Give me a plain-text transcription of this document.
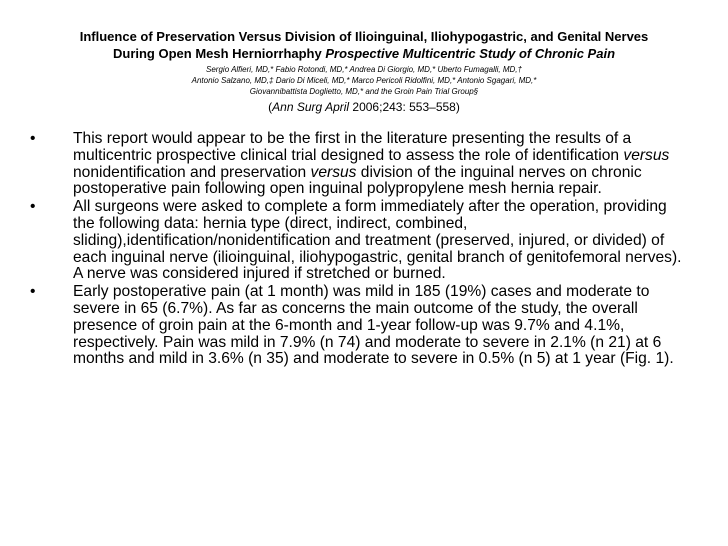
Influence of Preservation Versus Division of Ilioinguinal, Iliohypogastric, and Genital Nerves
During Open Mesh Herniorrhaphy Prospective Multicentric Study of Chronic Pain
Sergio Alfieri, MD,* Fabio Rotondi, MD,* Andrea Di Giorgio, MD,* Uberto Fumagalli, MD,†
Antonio Salzano, MD,‡ Dario Di Miceli, MD,* Marco Pericoli Ridolfini, MD,* Antonio Sgagari, MD,*
Giovannibattista Doglietto, MD,* and the Groin Pain Trial Group§
(Ann Surg April 2006;243: 553–558)
• This report would appear to be the first in the literature presenting the results of a multicentric prospective clinical trial designed to assess the role of identification versus nonidentification and preservation versus division of the inguinal nerves on chronic postoperative pain following open inguinal polypropylene mesh hernia repair.
• All surgeons were asked to complete a form immediately after the operation, providing the following data: hernia type (direct, indirect, combined, sliding),identification/nonidentification and treatment (preserved, injured, or divided) of each inguinal nerve (ilioinguinal, iliohypogastric, genital branch of genitofemoral nerves). A nerve was considered injured if stretched or burned.
• Early postoperative pain (at 1 month) was mild in 185 (19%) cases and moderate to severe in 65 (6.7%). As far as concerns the main outcome of the study, the overall presence of groin pain at the 6-month and 1-year follow-up was 9.7% and 4.1%, respectively. Pain was mild in 7.9% (n 74) and moderate to severe in 2.1% (n 21) at 6 months and mild in 3.6% (n 35) and moderate to severe in 0.5% (n 5) at 1 year (Fig. 1).
